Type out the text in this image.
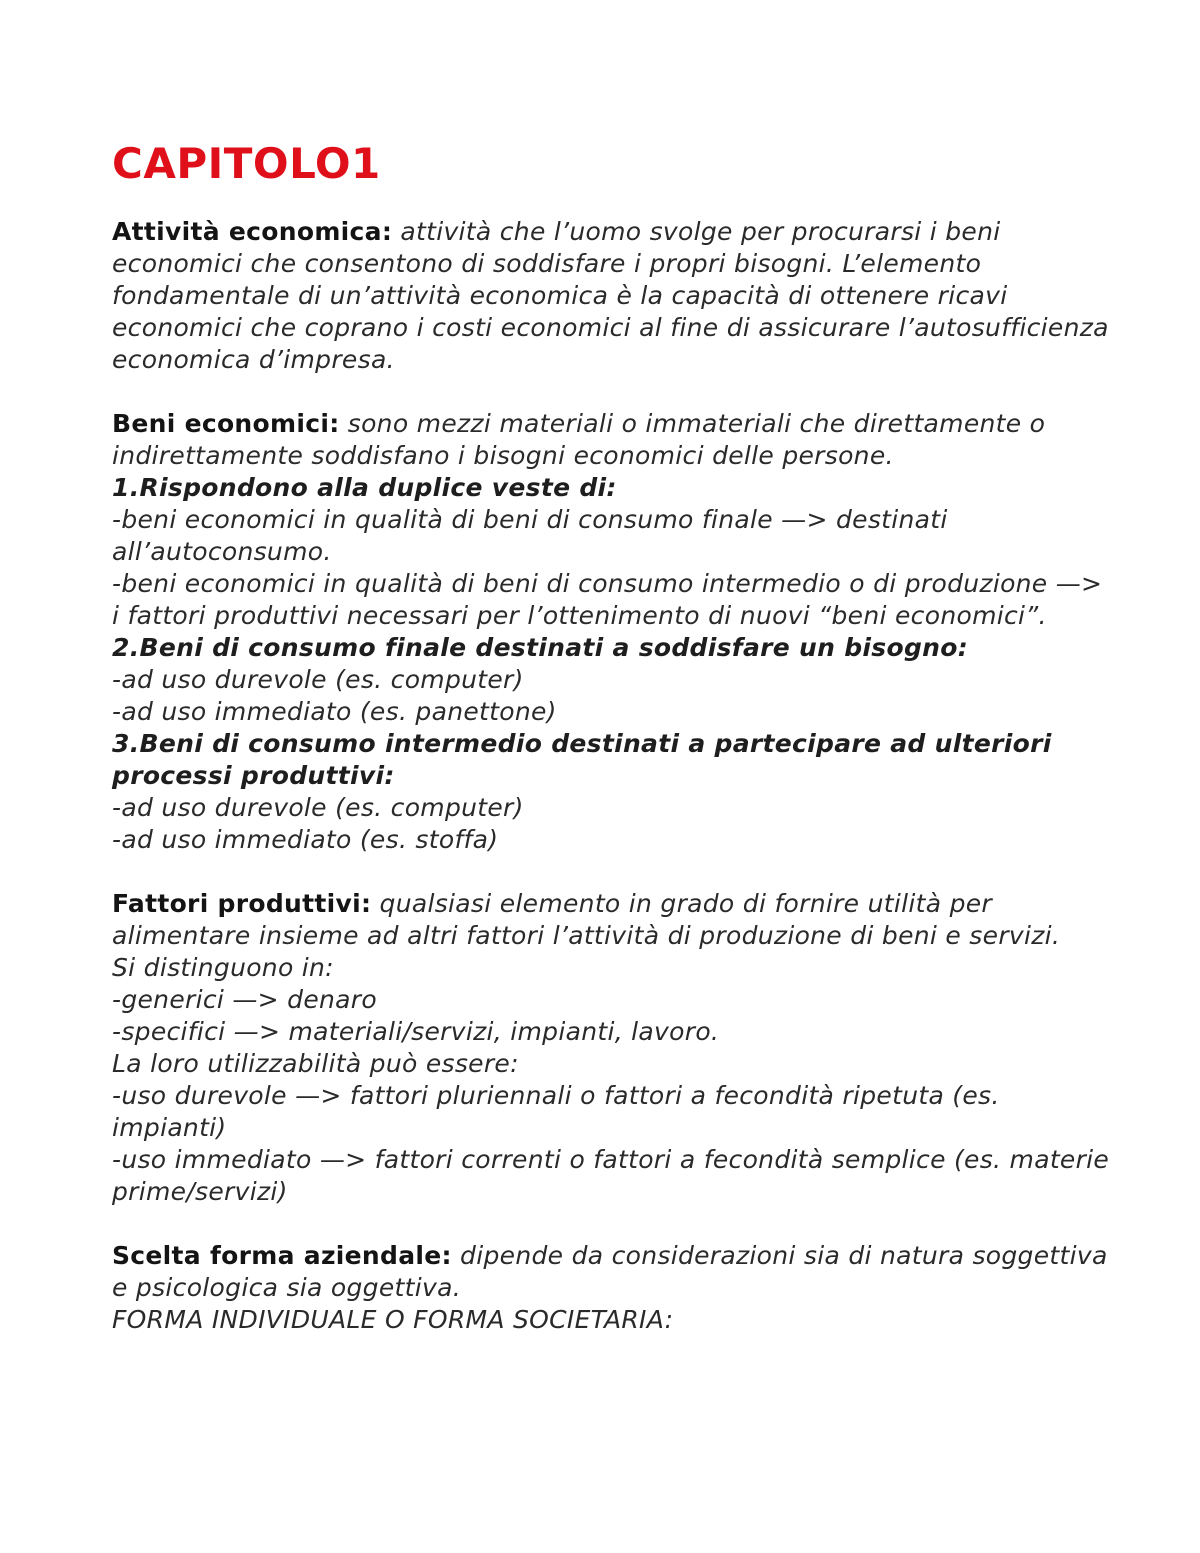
CAPITOLO1

Attività economica: attività che l’uomo svolge per procurarsi i beni economici che consentono di soddisfare i propri bisogni. L’elemento fondamentale di un’attività economica è la capacità di ottenere ricavi economici che coprano i costi economici al fine di assicurare l’autosufficienza economica d’impresa.

Beni economici: sono mezzi materiali o immateriali che direttamente o indirettamente soddisfano i bisogni economici delle persone.

1.Rispondono alla duplice veste di:

-beni economici in qualità di beni di consumo finale —> destinati all’autoconsumo.

-beni economici in qualità di beni di consumo intermedio o di produzione —> i fattori produttivi necessari per l’ottenimento di nuovi “beni economici”.

2.Beni di consumo finale destinati a soddisfare un bisogno:

-ad uso durevole (es. computer)

-ad uso immediato (es. panettone)

3.Beni di consumo intermedio destinati a partecipare ad ulteriori processi produttivi:

-ad uso durevole (es. computer)

-ad uso immediato (es. stoffa)

Fattori produttivi: qualsiasi elemento in grado di fornire utilità per alimentare insieme ad altri fattori l’attività di produzione di beni e servizi.

Si distinguono in:

-generici —> denaro

-specifici —> materiali/servizi, impianti, lavoro.

La loro utilizzabilità può essere:

-uso durevole —> fattori pluriennali o fattori a fecondità ripetuta (es. impianti)

-uso immediato —> fattori correnti o fattori a fecondità semplice (es. materie prime/servizi)

Scelta forma aziendale: dipende da considerazioni sia di natura soggettiva e psicologica sia oggettiva.

FORMA INDIVIDUALE O FORMA SOCIETARIA:
